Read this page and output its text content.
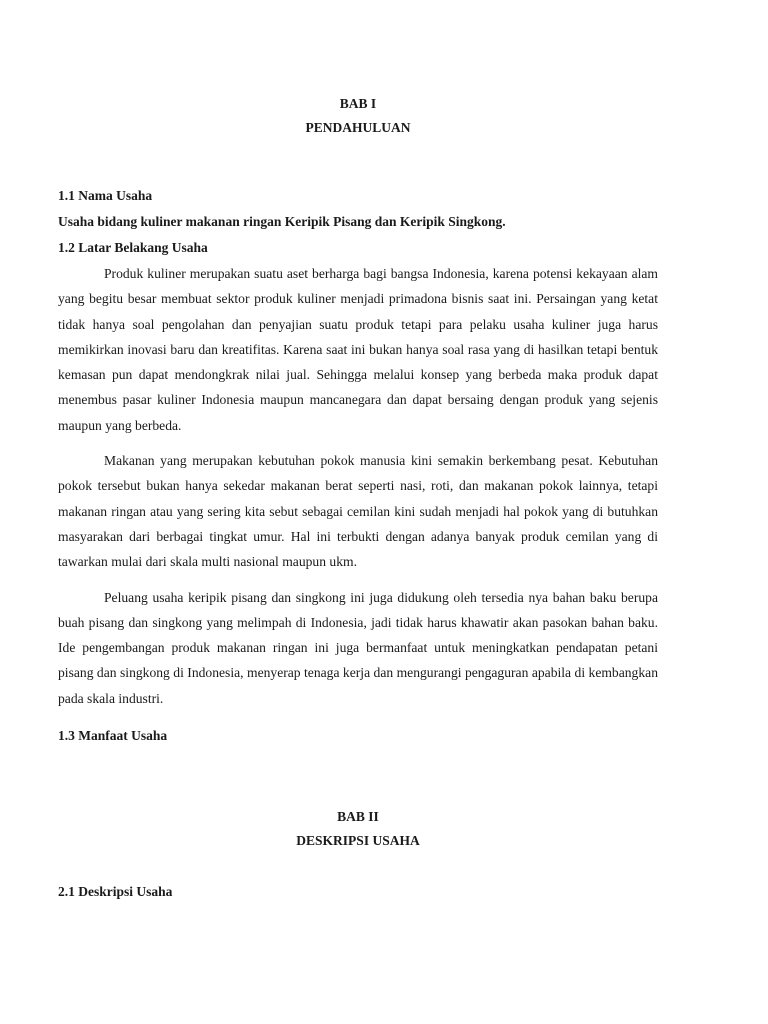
BAB I
PENDAHULUAN
1.1 Nama Usaha
Usaha bidang kuliner makanan ringan Keripik Pisang dan Keripik Singkong.
1.2 Latar Belakang Usaha

Produk kuliner merupakan suatu aset berharga bagi bangsa Indonesia, karena potensi kekayaan alam yang begitu besar membuat sektor produk kuliner menjadi primadona bisnis saat ini. Persaingan yang ketat tidak hanya soal pengolahan dan penyajian suatu produk tetapi para pelaku usaha kuliner juga harus memikirkan inovasi baru dan kreatifitas. Karena saat ini bukan hanya soal rasa yang di hasilkan tetapi bentuk kemasan pun dapat mendongkrak nilai jual. Sehingga melalui konsep yang berbeda maka produk dapat menembus pasar kuliner Indonesia maupun mancanegara dan dapat bersaing dengan produk yang sejenis maupun yang berbeda.

Makanan yang merupakan kebutuhan pokok manusia kini semakin berkembang pesat. Kebutuhan pokok tersebut bukan hanya sekedar makanan berat seperti nasi, roti, dan makanan pokok lainnya, tetapi makanan ringan atau yang sering kita sebut sebagai cemilan kini sudah menjadi hal pokok yang di butuhkan masyarakan dari berbagai tingkat umur. Hal ini terbukti dengan adanya banyak produk cemilan yang di tawarkan mulai dari skala multi nasional maupun ukm.

Peluang usaha keripik pisang dan singkong ini juga didukung oleh tersedia nya bahan baku berupa buah pisang dan singkong yang melimpah di Indonesia, jadi tidak harus khawatir akan pasokan bahan baku. Ide pengembangan produk makanan ringan ini juga bermanfaat untuk meningkatkan pendapatan petani pisang dan singkong di Indonesia, menyerap tenaga kerja dan mengurangi pengaguran apabila di kembangkan pada skala industri.

1.3 Manfaat Usaha
BAB II
DESKRIPSI USAHA
2.1 Deskripsi Usaha
